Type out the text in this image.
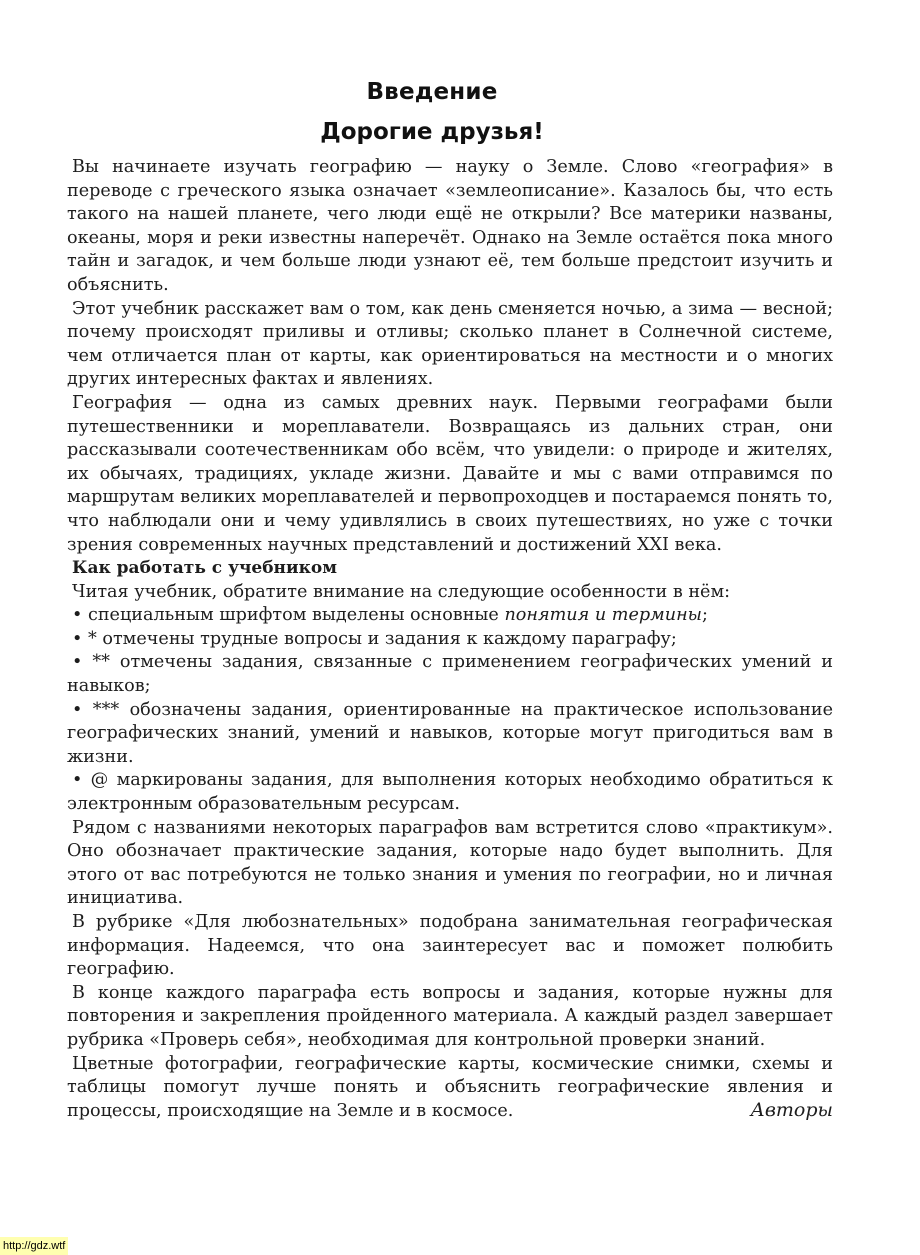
Введение
Дорогие друзья!

Вы начинаете изучать географию — науку о Земле. Слово «география» в переводе с греческого языка означает «землеописание». Казалось бы, что есть такого на нашей планете, чего люди ещё не открыли? Все материки названы, океаны, моря и реки известны наперечёт. Однако на Земле остаётся пока много тайн и загадок, и чем больше люди узнают её, тем больше предстоит изучить и объяснить.

Этот учебник расскажет вам о том, как день сменяется ночью, а зима — весной; почему происходят приливы и отливы; сколько планет в Солнечной системе, чем отличается план от карты, как ориентироваться на местности и о многих других интересных фактах и явлениях.

География — одна из самых древних наук. Первыми географами были путешественники и мореплаватели. Возвращаясь из дальних стран, они рассказывали соотечественникам обо всём, что увидели: о природе и жителях, их обычаях, традициях, укладе жизни. Давайте и мы с вами отправимся по маршрутам великих мореплавателей и первопроходцев и постараемся понять то, что наблюдали они и чему удивлялись в своих путешествиях, но уже с точки зрения современных научных представлений и достижений XXI века.

Как работать с учебником

Читая учебник, обратите внимание на следующие особенности в нём:

• специальным шрифтом выделены основные понятия и термины;

• * отмечены трудные вопросы и задания к каждому параграфу;

• ** отмечены задания, связанные с применением географических умений и навыков;

• *** обозначены задания, ориентированные на практическое использование географических знаний, умений и навыков, которые могут пригодиться вам в жизни.

• @ маркированы задания, для выполнения которых необходимо обратиться к электронным образовательным ресурсам.

Рядом с названиями некоторых параграфов вам встретится слово «практикум». Оно обозначает практические задания, которые надо будет выполнить. Для этого от вас потребуются не только знания и умения по географии, но и личная инициатива.

В рубрике «Для любознательных» подобрана занимательная географическая информация. Надеемся, что она заинтересует вас и поможет полюбить географию.

В конце каждого параграфа есть вопросы и задания, которые нужны для повторения и закрепления пройденного материала. А каждый раздел завершает рубрика «Проверь себя», необходимая для контрольной проверки знаний.

Цветные фотографии, географические карты, космические снимки, схемы и таблицы помогут лучше понять и объяснить географические явления и процессы, происходящие на Земле и в космосе.	Авторы
http://gdz.wtf
